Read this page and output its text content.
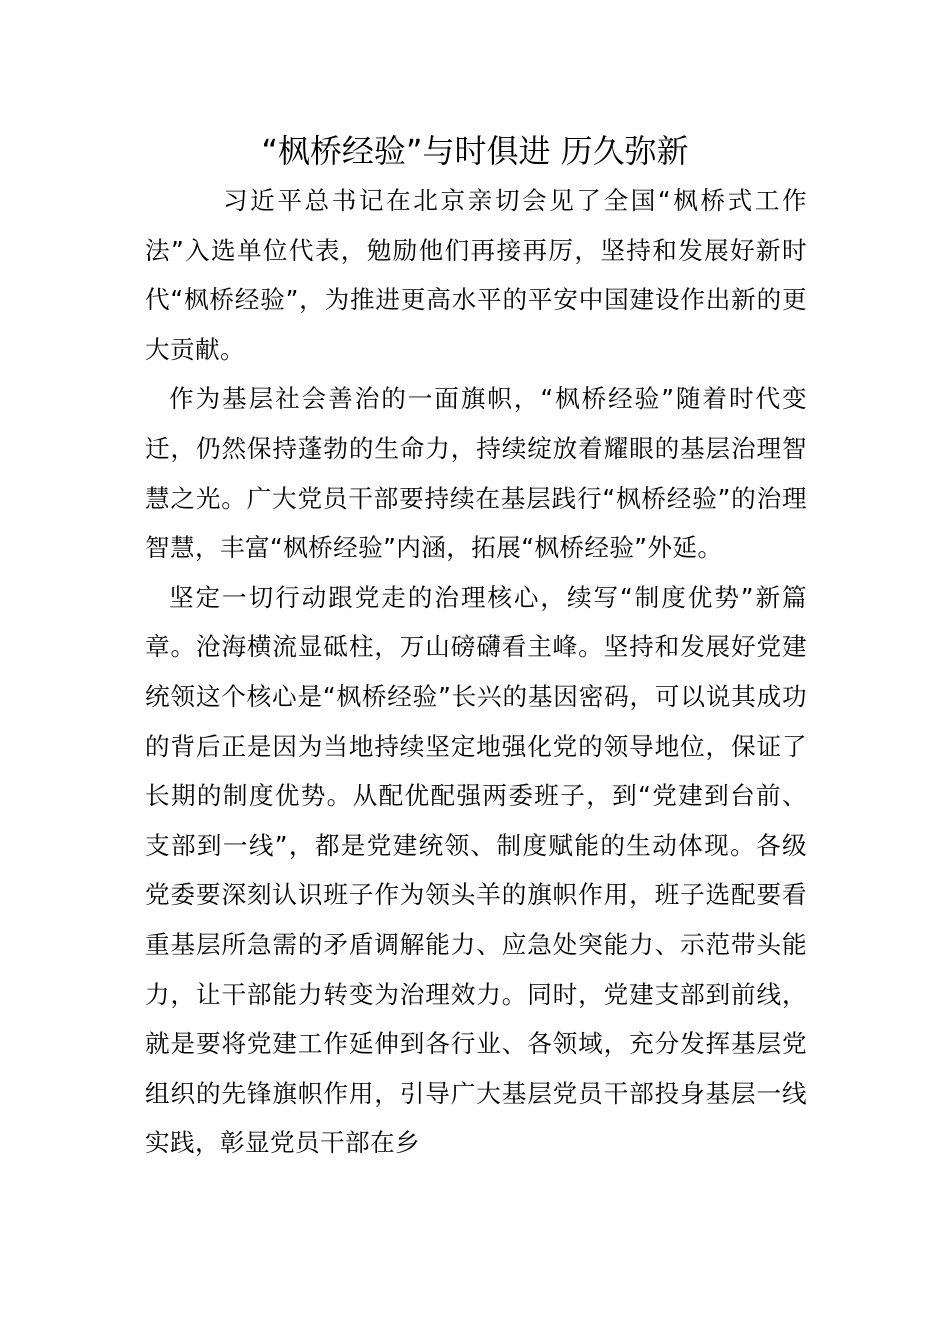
“枫桥经验”与时俱进 历久弥新

习近平总书记在北京亲切会见了全国“枫桥式工作法”入选单位代表，勉励他们再接再厉，坚持和发展好新时代“枫桥经验”，为推进更高水平的平安中国建设作出新的更大贡献。

作为基层社会善治的一面旗帜，“枫桥经验”随着时代变迁，仍然保持蓬勃的生命力，持续绽放着耀眼的基层治理智慧之光。广大党员干部要持续在基层践行“枫桥经验”的治理智慧，丰富“枫桥经验”内涵，拓展“枫桥经验”外延。

坚定一切行动跟党走的治理核心，续写“制度优势”新篇章。沧海横流显砥柱，万山磅礴看主峰。坚持和发展好党建统领这个核心是“枫桥经验”长兴的基因密码，可以说其成功的背后正是因为当地持续坚定地强化党的领导地位，保证了长期的制度优势。从配优配强两委班子，到“党建到台前、支部到一线”，都是党建统领、制度赋能的生动体现。各级党委要深刻认识班子作为领头羊的旗帜作用，班子选配要看重基层所急需的矛盾调解能力、应急处突能力、示范带头能力，让干部能力转变为治理效力。同时，党建支部到前线，就是要将党建工作延伸到各行业、各领域，充分发挥基层党组织的先锋旗帜作用，引导广大基层党员干部投身基层一线实践，彰显党员干部在乡
